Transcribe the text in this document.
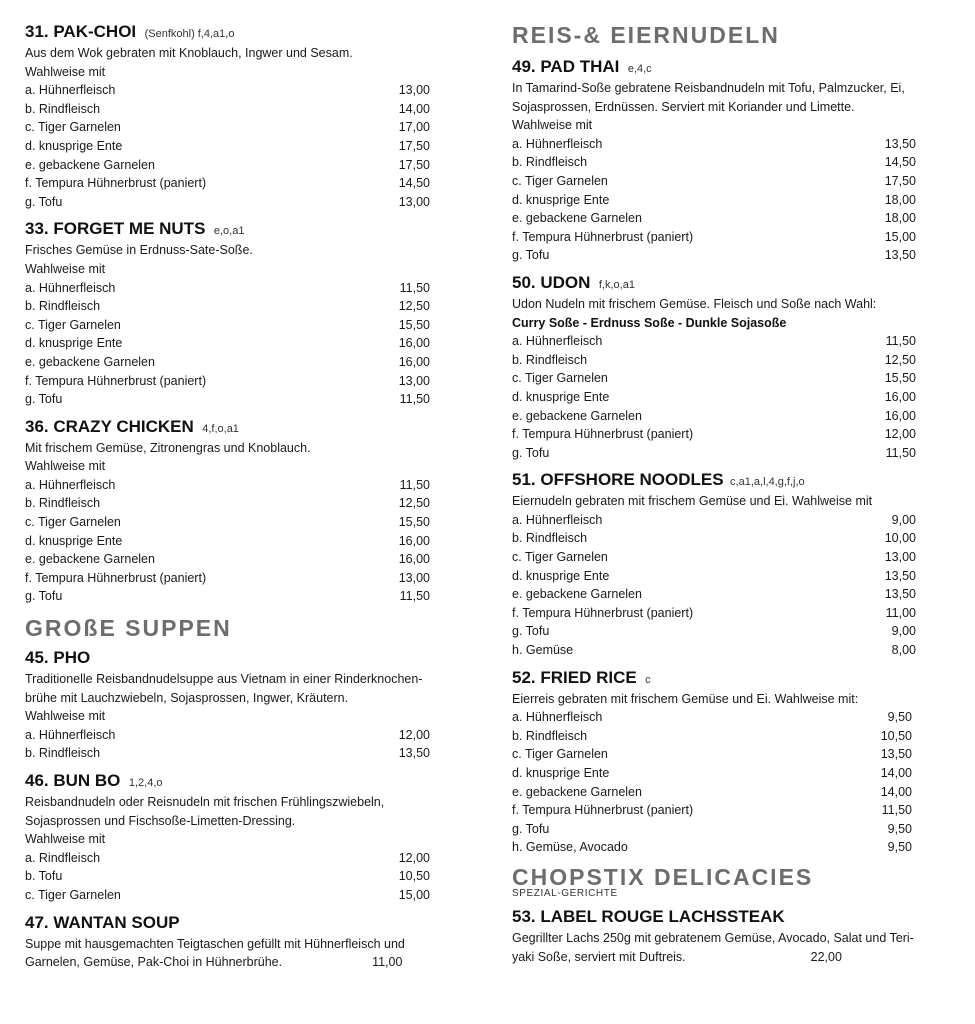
31. PAK-CHOI (Senfkohl) f,4,a1,o
Aus dem Wok gebraten mit Knoblauch, Ingwer und Sesam.
Wahlweise mit
a. Hühnerfleisch	13,00
b. Rindfleisch	14,00
c. Tiger Garnelen	17,00
d. knusprige Ente	17,50
e. gebackene Garnelen	17,50
f. Tempura Hühnerbrust (paniert)	14,50
g. Tofu	13,00
33. FORGET ME NUTS e,o,a1
Frisches Gemüse in Erdnuss-Sate-Soße.
Wahlweise mit
a. Hühnerfleisch	11,50
b. Rindfleisch	12,50
c. Tiger Garnelen	15,50
d. knusprige Ente	16,00
e. gebackene Garnelen	16,00
f. Tempura Hühnerbrust (paniert)	13,00
g. Tofu	11,50
36. CRAZY CHICKEN 4,f,o,a1
Mit frischem Gemüse, Zitronengras und Knoblauch.
Wahlweise mit
a. Hühnerfleisch	11,50
b. Rindfleisch	12,50
c. Tiger Garnelen	15,50
d. knusprige Ente	16,00
e. gebackene Garnelen	16,00
f. Tempura Hühnerbrust (paniert)	13,00
g. Tofu	11,50
GROßE SUPPEN
45. PHO
Traditionelle Reisbandnudelsuppe aus Vietnam in einer Rinderknochen-
brühe mit Lauchzwiebeln, Sojasprossen, Ingwer, Kräutern.
Wahlweise mit
a. Hühnerfleisch	12,00
b. Rindfleisch	13,50
46. BUN BO 1,2,4,o
Reisbandnudeln oder Reisnudeln mit frischen Frühlingszwiebeln,
Sojasprossen und Fischsoße-Limetten-Dressing.
Wahlweise mit
a. Rindfleisch	12,00
b. Tofu	10,50
c. Tiger Garnelen	15,00
47. WANTAN SOUP
Suppe mit hausgemachten Teigtaschen gefüllt mit Hühnerfleisch und
Garnelen, Gemüse, Pak-Choi in Hühnerbrühe.	11,00
REIS-& EIERNUDELN
49. PAD THAI e,4,c
In Tamarind-Soße gebratene Reisbandnudeln mit Tofu, Palmzucker, Ei,
Sojasprossen, Erdnüssen. Serviert mit Koriander und Limette.
Wahlweise mit
a. Hühnerfleisch	13,50
b. Rindfleisch	14,50
c. Tiger Garnelen	17,50
d. knusprige Ente	18,00
e. gebackene Garnelen	18,00
f. Tempura Hühnerbrust (paniert)	15,00
g. Tofu	13,50
50. UDON f,k,o,a1
Udon Nudeln mit frischem Gemüse. Fleisch und Soße nach Wahl:
Curry Soße - Erdnuss Soße - Dunkle Sojasoße
a. Hühnerfleisch	11,50
b. Rindfleisch	12,50
c. Tiger Garnelen	15,50
d. knusprige Ente	16,00
e. gebackene Garnelen	16,00
f. Tempura Hühnerbrust (paniert)	12,00
g. Tofu	11,50
51. OFFSHORE NOODLES c,a1,a,l,4,g,f,j,o
Eiernudeln gebraten mit frischem Gemüse und Ei. Wahlweise mit
a. Hühnerfleisch	9,00
b. Rindfleisch	10,00
c. Tiger Garnelen	13,00
d. knusprige Ente	13,50
e. gebackene Garnelen	13,50
f. Tempura Hühnerbrust (paniert)	11,00
g. Tofu	9,00
h. Gemüse	8,00
52. FRIED RICE c
Eierreis gebraten mit frischem Gemüse und Ei. Wahlweise mit:
a. Hühnerfleisch	9,50
b. Rindfleisch	10,50
c. Tiger Garnelen	13,50
d. knusprige Ente	14,00
e. gebackene Garnelen	14,00
f. Tempura Hühnerbrust (paniert)	11,50
g. Tofu	9,50
h. Gemüse, Avocado	9,50
CHOPSTIX DELICACIES
SPEZIAL-GERICHTE
53. LABEL ROUGE LACHSSTEAK
Gegrillter Lachs 250g mit gebratenem Gemüse, Avocado, Salat und Teri-
yaki Soße, serviert mit Duftreis.	22,00
